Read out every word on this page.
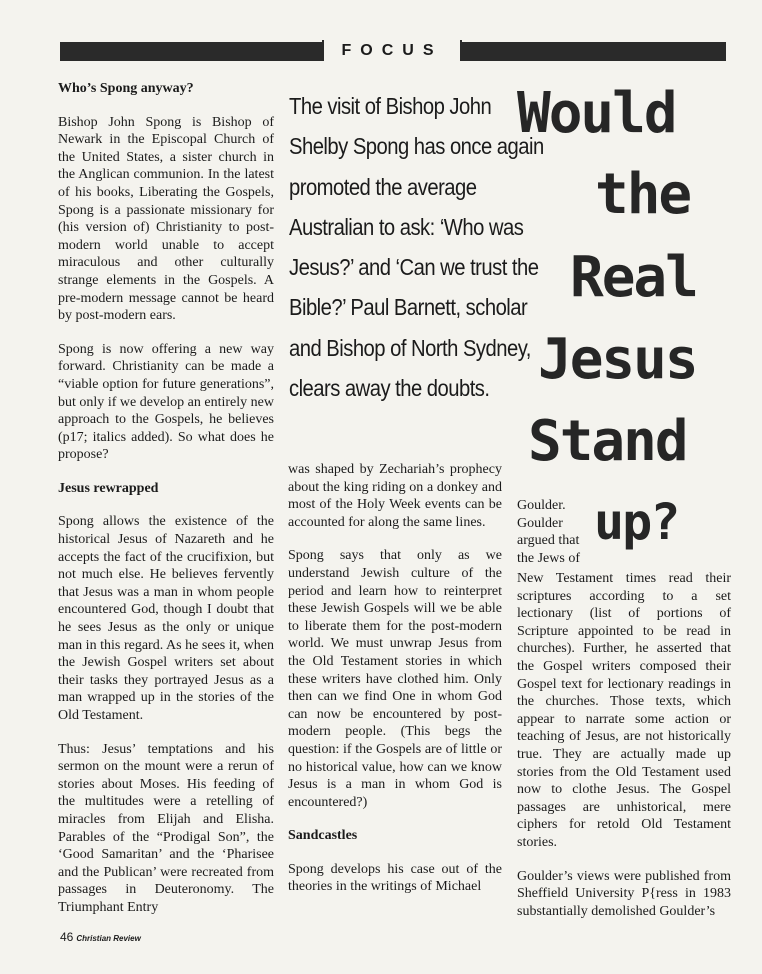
FOCUS
Who’s Spong anyway?

Bishop John Spong is Bishop of Newark in the Episcopal Church of the United States, a sister church in the Anglican communion. In the latest of his books, Liberating the Gospels, Spong is a passionate missionary for (his version of) Christianity to post-modern world unable to accept miraculous and other culturally strange elements in the Gospels. A pre-modern message cannot be heard by post-modern ears.

Spong is now offering a new way forward. Christianity can be made a “viable option for future generations”, but only if we develop an entirely new approach to the Gospels, he believes (p17; italics added). So what does he propose?

Jesus rewrapped

Spong allows the existence of the historical Jesus of Nazareth and he accepts the fact of the crucifixion, but not much else. He believes fervently that Jesus was a man in whom people encountered God, though I doubt that he sees Jesus as the only or unique man in this regard. As he sees it, when the Jewish Gospel writers set about their tasks they portrayed Jesus as a man wrapped up in the stories of the Old Testament.

Thus: Jesus’ temptations and his sermon on the mount were a rerun of stories about Moses. His feeding of the multitudes were a retelling of miracles from Elijah and Elisha. Parables of the “Prodigal Son”, the ‘Good Samaritan’ and the ‘Pharisee and the Publican’ were recreated from passages in Deuteronomy. The Triumphant Entry

The visit of Bishop John Shelby Spong has once again promoted the average Australian to ask: ‘Who was Jesus?’ and ‘Can we trust the Bible?’ Paul Barnett, scholar and Bishop of North Sydney, clears away the doubts.
Would
the
Real
Jesus
Stand
up?

was shaped by Zechariah’s prophecy about the king riding on a donkey and most of the Holy Week events can be accounted for along the same lines.

Spong says that only as we understand Jewish culture of the period and learn how to reinterpret these Jewish Gospels will we be able to liberate them for the post-modern world. We must unwrap Jesus from the Old Testament stories in which these writers have clothed him. Only then can we find One in whom God can now be encountered by post-modern people. (This begs the question: if the Gospels are of little or no historical value, how can we know Jesus is a man in whom God is encountered?)

Sandcastles

Spong develops his case out of the theories in the writings of Michael

Goulder. Goulder argued that the Jews of

New Testament times read their scriptures according to a set lectionary (list of portions of Scripture appointed to be read in churches). Further, he asserted that the Gospel writers composed their Gospel text for lectionary readings in the churches. Those texts, which appear to narrate some action or teaching of Jesus, are not historically true. They are actually made up stories from the Old Testament used now to clothe Jesus. The Gospel passages are unhistorical, mere ciphers for retold Old Testament stories.

Goulder’s views were published from Sheffield University P{ress in 1983 substantially demolished Goulder’s

46 Christian Review
